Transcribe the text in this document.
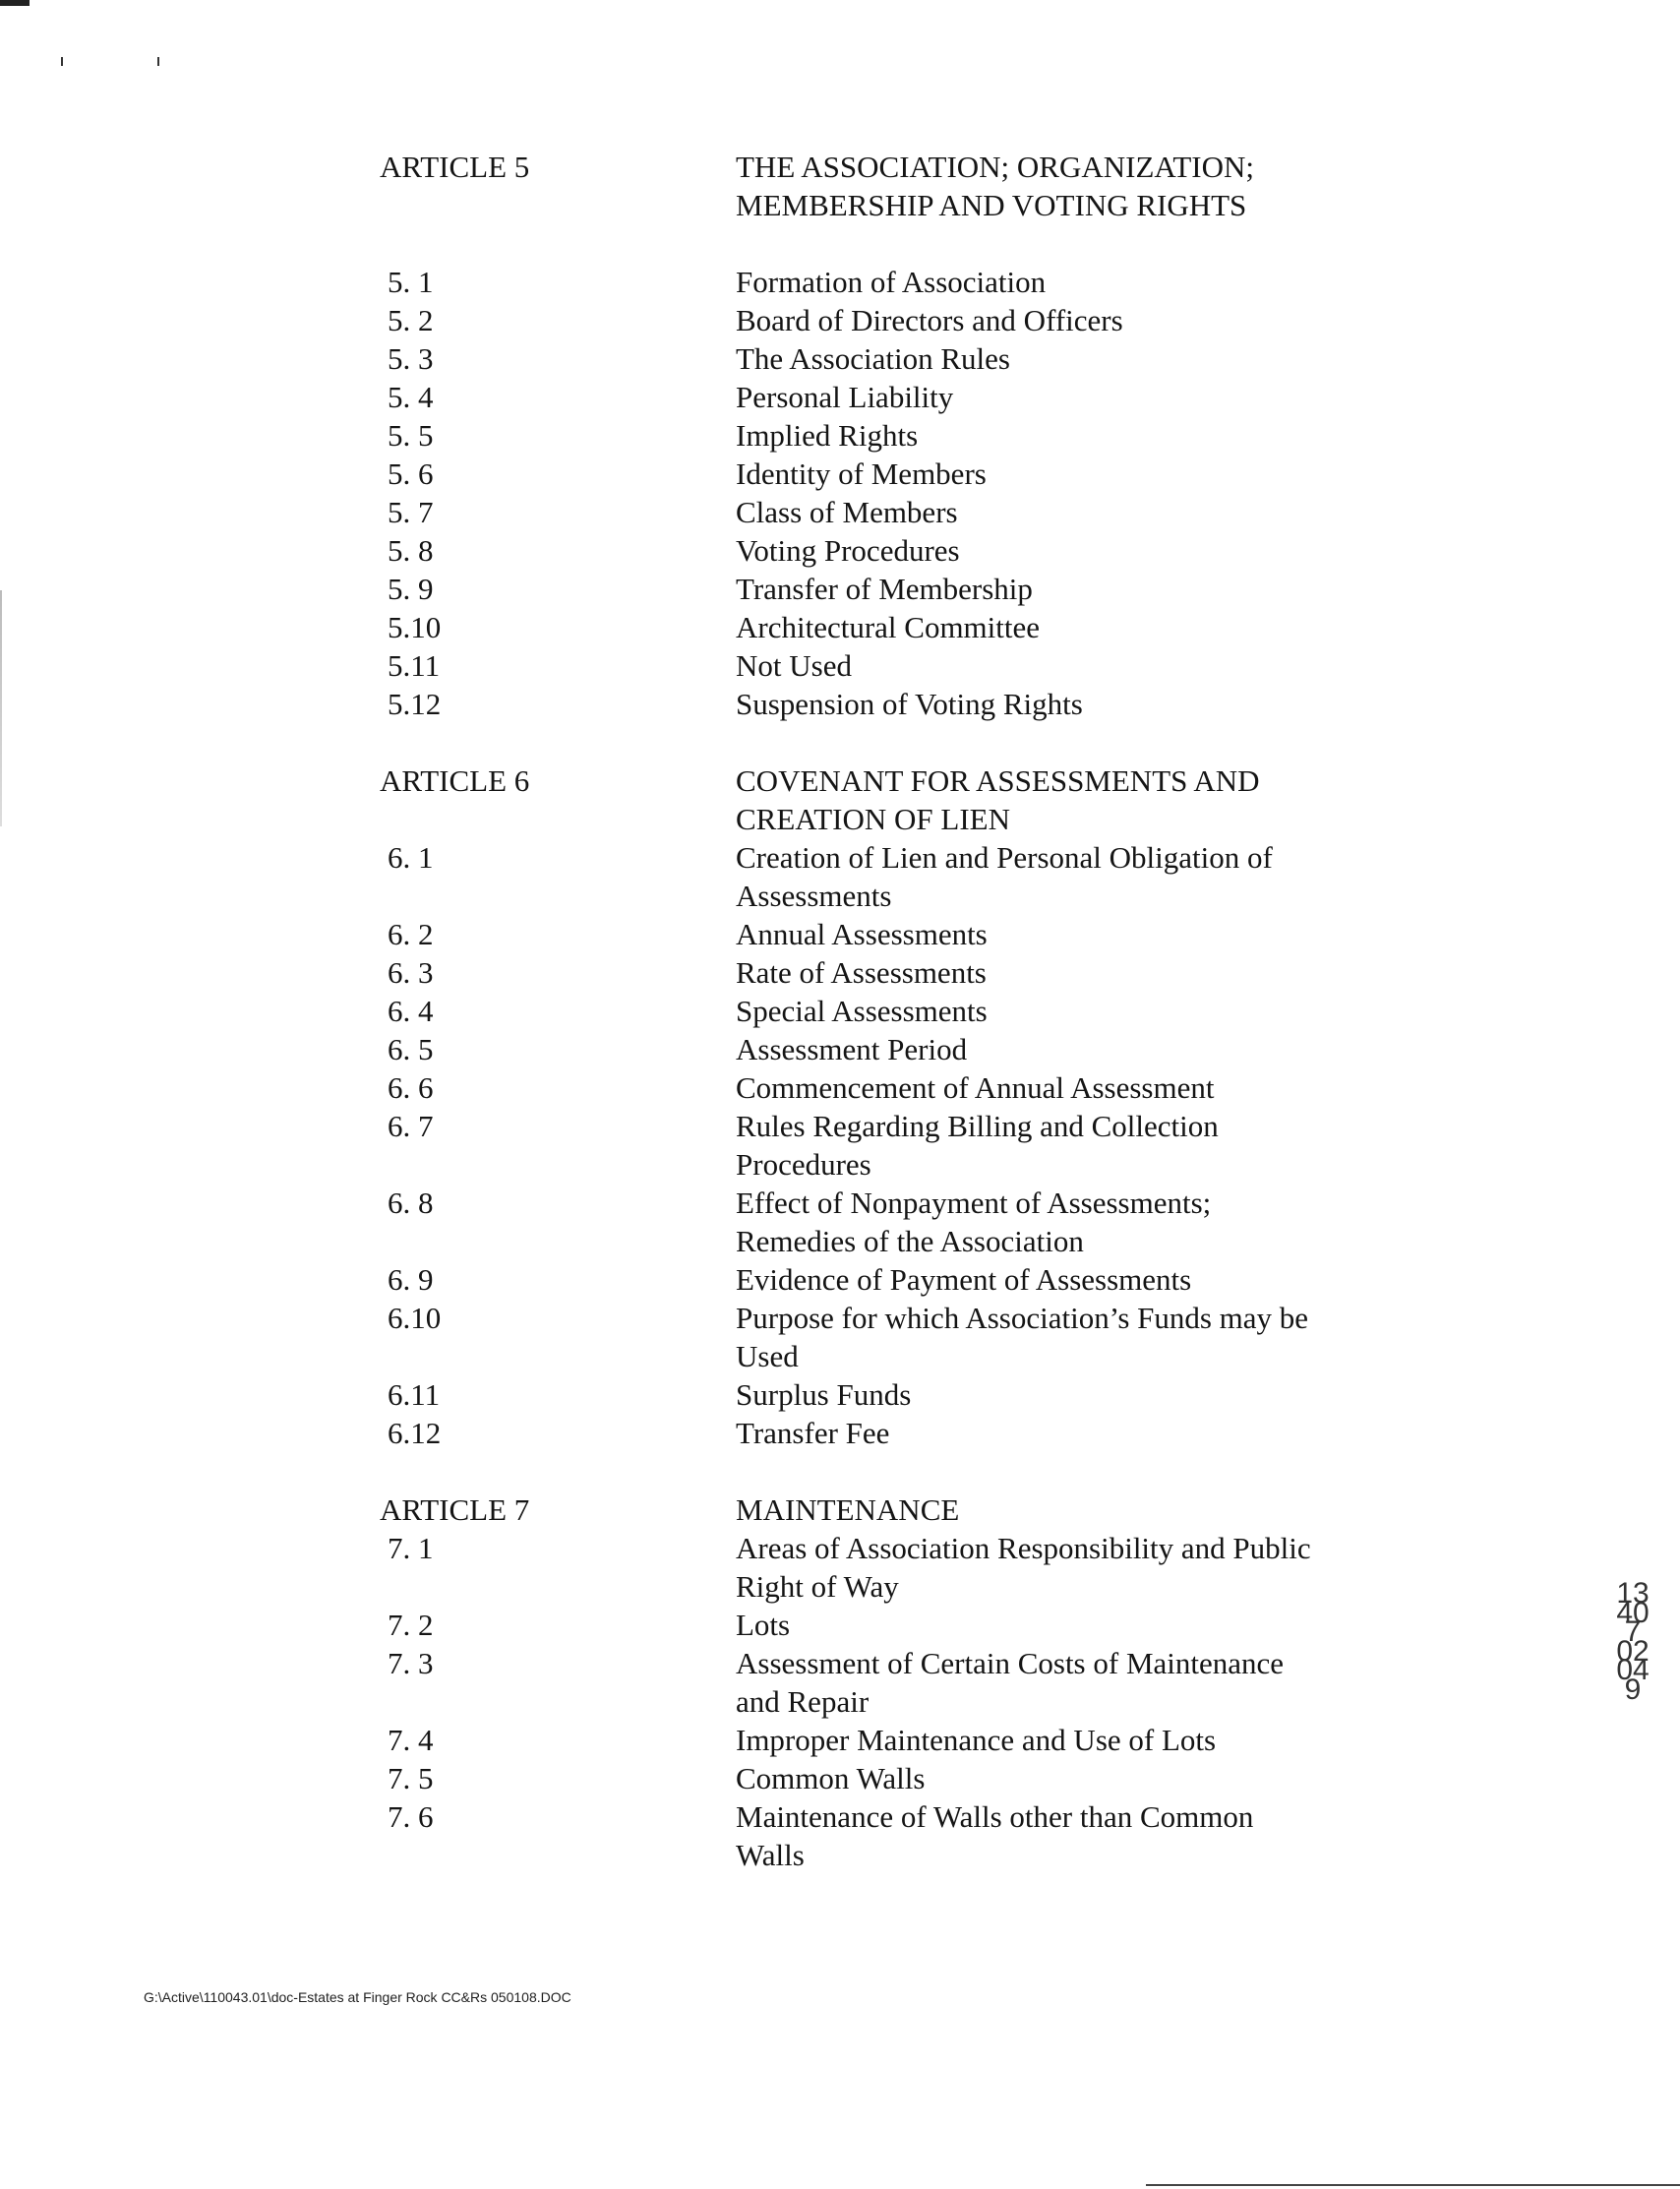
ARTICLE 5	THE ASSOCIATION; ORGANIZATION; MEMBERSHIP AND VOTING RIGHTS
5. 1	Formation of Association
5. 2	Board of Directors and Officers
5. 3	The Association Rules
5. 4	Personal Liability
5. 5	Implied Rights
5. 6	Identity of Members
5. 7	Class of Members
5. 8	Voting Procedures
5. 9	Transfer of Membership
5.10	Architectural Committee
5.11	Not Used
5.12	Suspension of Voting Rights
ARTICLE 6	COVENANT FOR ASSESSMENTS AND CREATION OF LIEN
6. 1	Creation of Lien and Personal Obligation of Assessments
6. 2	Annual Assessments
6. 3	Rate of Assessments
6. 4	Special Assessments
6. 5	Assessment Period
6. 6	Commencement of Annual Assessment
6. 7	Rules Regarding Billing and Collection Procedures
6. 8	Effect of Nonpayment of Assessments; Remedies of the Association
6. 9	Evidence of Payment of Assessments
6.10	Purpose for which Association’s Funds may be Used
6.11	Surplus Funds
6.12	Transfer Fee
ARTICLE 7	MAINTENANCE
7. 1	Areas of Association Responsibility and Public Right of Way
7. 2	Lots
7. 3	Assessment of Certain Costs of Maintenance and Repair
7. 4	Improper Maintenance and Use of Lots
7. 5	Common Walls
7. 6	Maintenance of Walls other than Common Walls
13407 02049
G:\Active\110043.01\doc-Estates at Finger Rock CC&Rs 050108.DOC
